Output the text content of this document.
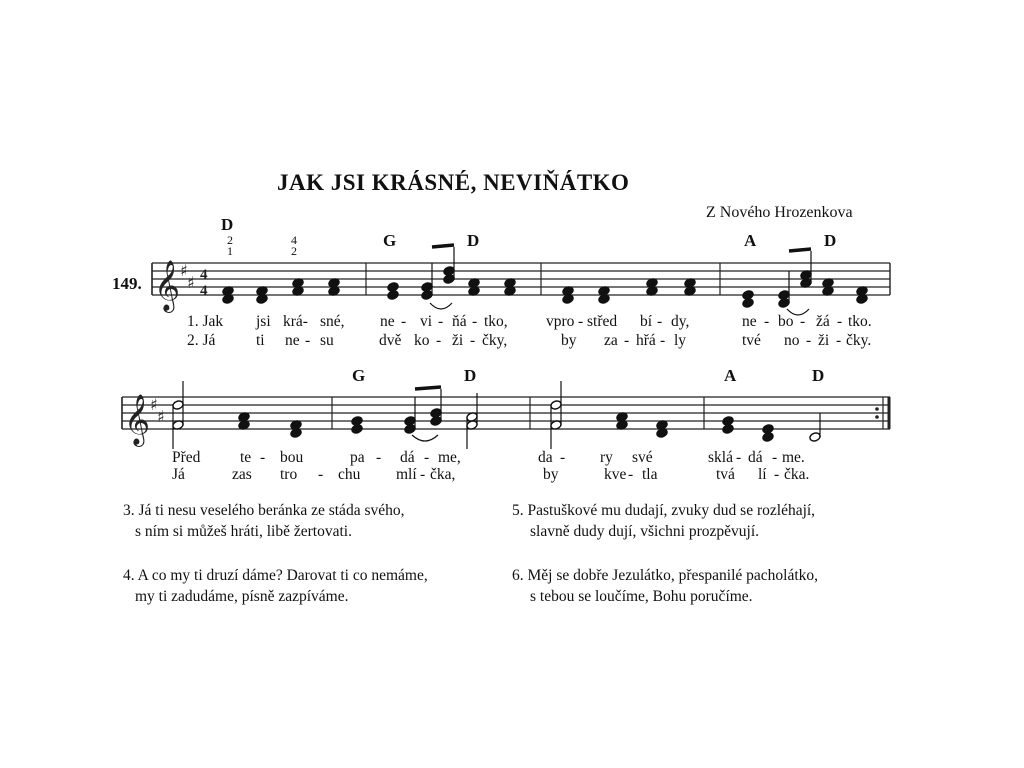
JAK JSI KRÁSNÉ, NEVIŇÁTKO
Z Nového Hrozenkova
149.
D
2
1
4
2
G	D	A	D
𝄞 ♯
♯ 4
4
1. Jak jsi krá- sné, ne - vi - ňá - tko, vpro - střed bí - dy,	ne - bo - žá - tko.
2. Já	ti ne - su	dvě ko - ži - čky,	by za - hřá - ly	tvé no - ži - čky.
G	D	A	D
𝄞 ♯
♯
Před	te - bou	pa - dá - me,	da - ry své	sklá - dá - me.
Já	zas tro - chu mlí - čka,	by	kve - tla	tvá lí - čka.
3. Já ti nesu veselého beránka ze stáda svého,
s ním si můžeš hráti, libě žertovati.
4. A co my ti druzí dáme? Darovat ti co nemáme,
my ti zadudáme, písně zazpíváme.
5. Pastuškové mu dudají, zvuky dud se rozléhají,
slavně dudy dují, všichni prozpěvují.
6. Měj se dobře Jezulátko, přespanilé pacholátko,
s tebou se loučíme, Bohu poručíme.
